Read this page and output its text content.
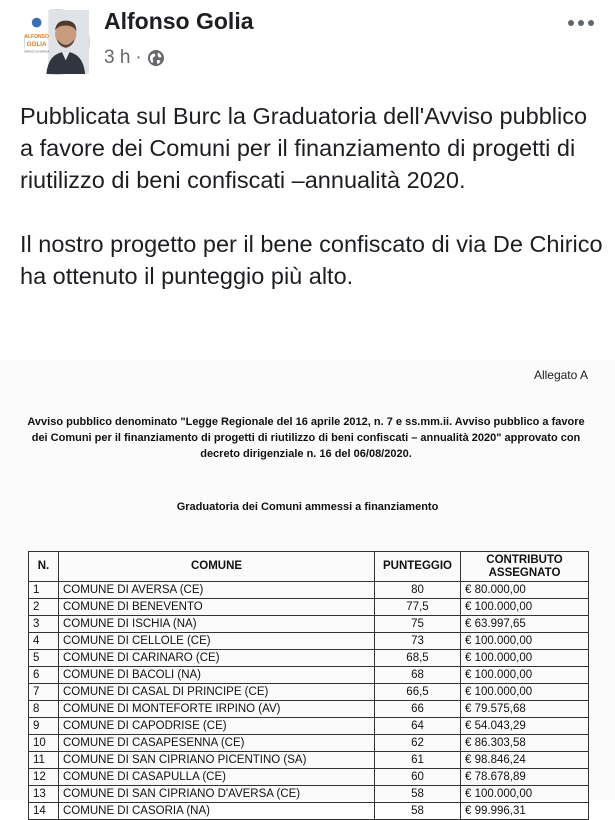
ALFONSO
GOLIA
SINDACO DI AVERSA
Alfonso Golia
3 h ·

Pubblicata sul Burc la Graduatoria dell'Avviso pubblico a favore dei Comuni per il finanziamento di progetti di riutilizzo di beni confiscati –annualità 2020.

Il nostro progetto per il bene confiscato di via De Chirico ha ottenuto il punteggio più alto.

Allegato A
Avviso pubblico denominato "Legge Regionale del 16 aprile 2012, n. 7 e ss.mm.ii. Avviso pubblico a favore dei Comuni per il finanziamento di progetti di riutilizzo di beni confiscati – annualità 2020" approvato con decreto dirigenziale n. 16 del 06/08/2020.
Graduatoria dei Comuni ammessi a finanziamento
N.	COMUNE	PUNTEGGIO	CONTRIBUTO ASSEGNATO
1	COMUNE DI AVERSA (CE)	80	€ 80.000,00
2	COMUNE DI BENEVENTO	77,5	€ 100.000,00
3	COMUNE DI ISCHIA (NA)	75	€ 63.997,65
4	COMUNE DI CELLOLE (CE)	73	€ 100.000,00
5	COMUNE DI CARINARO (CE)	68,5	€ 100.000,00
6	COMUNE DI BACOLI (NA)	68	€ 100.000,00
7	COMUNE DI CASAL DI PRINCIPE (CE)	66,5	€ 100.000,00
8	COMUNE DI MONTEFORTE IRPINO (AV)	66	€ 79.575,68
9	COMUNE DI CAPODRISE (CE)	64	€ 54.043,29
10	COMUNE DI CASAPESENNA (CE)	62	€ 86.303,58
11	COMUNE DI SAN CIPRIANO PICENTINO (SA)	61	€ 98.846,24
12	COMUNE DI CASAPULLA (CE)	60	€ 78.678,89
13	COMUNE DI SAN CIPRIANO D'AVERSA (CE)	58	€ 100.000,00
14	COMUNE DI CASORIA (NA)	58	€ 99.996,31
